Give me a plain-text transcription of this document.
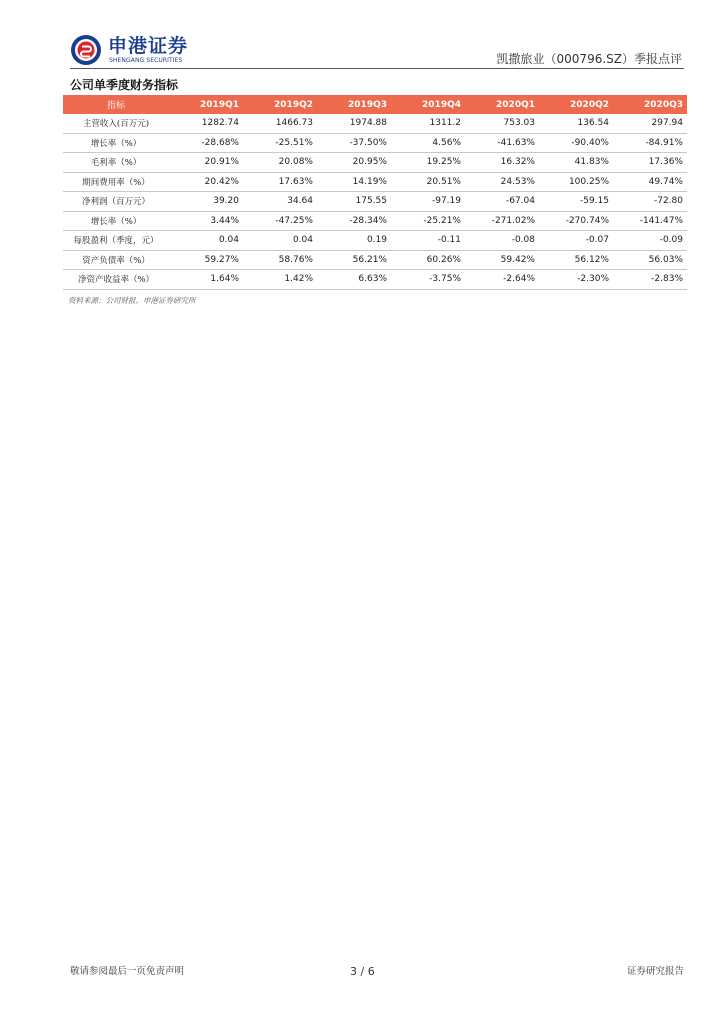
申港证券
SHENGANG SECURITIES	凯撒旅业（000796.SZ）季报点评
公司单季度财务指标
指标	2019Q1	2019Q2	2019Q3	2019Q4	2020Q1	2020Q2	2020Q3
主营收入(百万元)	1282.74	1466.73	1974.88	1311.2	753.03	136.54	297.94
增长率（%）	-28.68%	-25.51%	-37.50%	4.56%	-41.63%	-90.40%	-84.91%
毛利率（%）	20.91%	20.08%	20.95%	19.25%	16.32%	41.83%	17.36%
期间费用率（%）	20.42%	17.63%	14.19%	20.51%	24.53%	100.25%	49.74%
净利润（百万元）	39.20	34.64	175.55	-97.19	-67.04	-59.15	-72.80
增长率（%）	3.44%	-47.25%	-28.34%	-25.21%	-271.02%	-270.74%	-141.47%
每股盈利（季度，元）	0.04	0.04	0.19	-0.11	-0.08	-0.07	-0.09
资产负债率（%）	59.27%	58.76%	56.21%	60.26%	59.42%	56.12%	56.03%
净资产收益率（%）	1.64%	1.42%	6.63%	-3.75%	-2.64%	-2.30%	-2.83%
资料来源：公司财报、申港证券研究所
敬请参阅最后一页免责声明	3 / 6	证券研究报告
